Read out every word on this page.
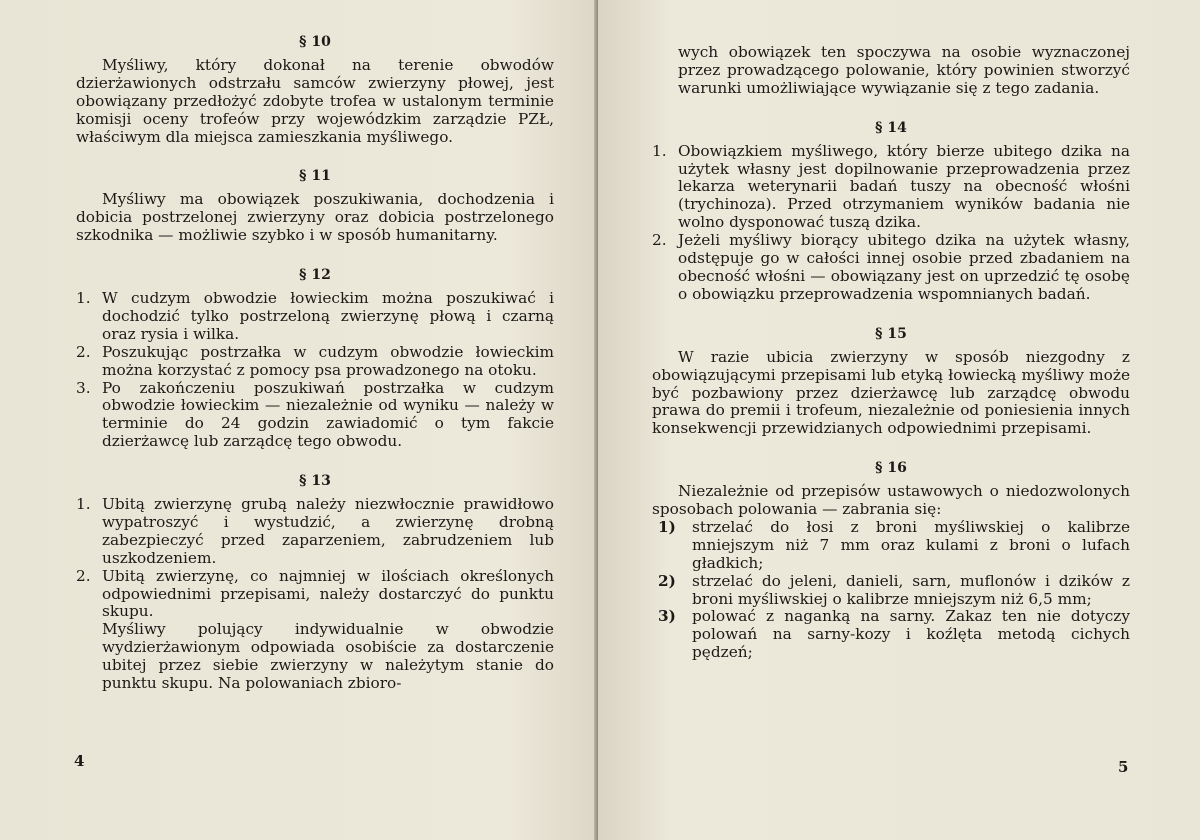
§ 10
Myśliwy, który dokonał na terenie obwodów dzierżawionych odstrzału samców zwierzyny płowej, jest obowiązany przedłożyć zdobyte trofea w ustalonym terminie komisji oceny trofeów przy wojewódzkim zarządzie PZŁ, właściwym dla miejsca zamieszkania myśliwego.
§ 11
Myśliwy ma obowiązek poszukiwania, dochodzenia i dobicia postrzelonej zwierzyny oraz dobicia postrzelonego szkodnika — możliwie szybko i w sposób humanitarny.
§ 12
1. W cudzym obwodzie łowieckim można poszukiwać i dochodzić tylko postrzeloną zwierzynę płową i czarną oraz rysia i wilka.
2. Poszukując postrzałka w cudzym obwodzie łowieckim można korzystać z pomocy psa prowadzonego na otoku.
3. Po zakończeniu poszukiwań postrzałka w cudzym obwodzie łowieckim — niezależnie od wyniku — należy w terminie do 24 godzin zawiadomić o tym fakcie dzierżawcę lub zarządcę tego obwodu.
§ 13
1. Ubitą zwierzynę grubą należy niezwłocznie prawidłowo wypatroszyć i wystudzić, a zwierzynę drobną zabezpieczyć przed zaparzeniem, zabrudzeniem lub uszkodzeniem.
2. Ubitą zwierzynę, co najmniej w ilościach określonych odpowiednimi przepisami, należy dostarczyć do punktu skupu.
Myśliwy polujący indywidualnie w obwodzie wydzierżawionym odpowiada osobiście za dostarczenie ubitej przez siebie zwierzyny w należytym stanie do punktu skupu. Na polowaniach zbioro-
4
wych obowiązek ten spoczywa na osobie wyznaczonej przez prowadzącego polowanie, który powinien stworzyć warunki umożliwiające wywiązanie się z tego zadania.
§ 14
1. Obowiązkiem myśliwego, który bierze ubitego dzika na użytek własny jest dopilnowanie przeprowadzenia przez lekarza weterynarii badań tuszy na obecność włośni (trychinoza). Przed otrzymaniem wyników badania nie wolno dysponować tuszą dzika.
2. Jeżeli myśliwy biorący ubitego dzika na użytek własny, odstępuje go w całości innej osobie przed zbadaniem na obecność włośni — obowiązany jest on uprzedzić tę osobę o obowiązku przeprowadzenia wspomnianych badań.
§ 15
W razie ubicia zwierzyny w sposób niezgodny z obowiązującymi przepisami lub etyką łowiecką myśliwy może być pozbawiony przez dzierżawcę lub zarządcę obwodu prawa do premii i trofeum, niezależnie od poniesienia innych konsekwencji przewidzianych odpowiednimi przepisami.
§ 16
Niezależnie od przepisów ustawowych o niedozwolonych sposobach polowania — zabrania się:
1) strzelać do łosi z broni myśliwskiej o kalibrze mniejszym niż 7 mm oraz kulami z broni o lufach gładkich;
2) strzelać do jeleni, danieli, sarn, muflonów i dzików z broni myśliwskiej o kalibrze mniejszym niż 6,5 mm;
3) polować z naganką na sarny. Zakaz ten nie dotyczy polowań na sarny-kozy i koźlęta metodą cichych pędzeń;
5
